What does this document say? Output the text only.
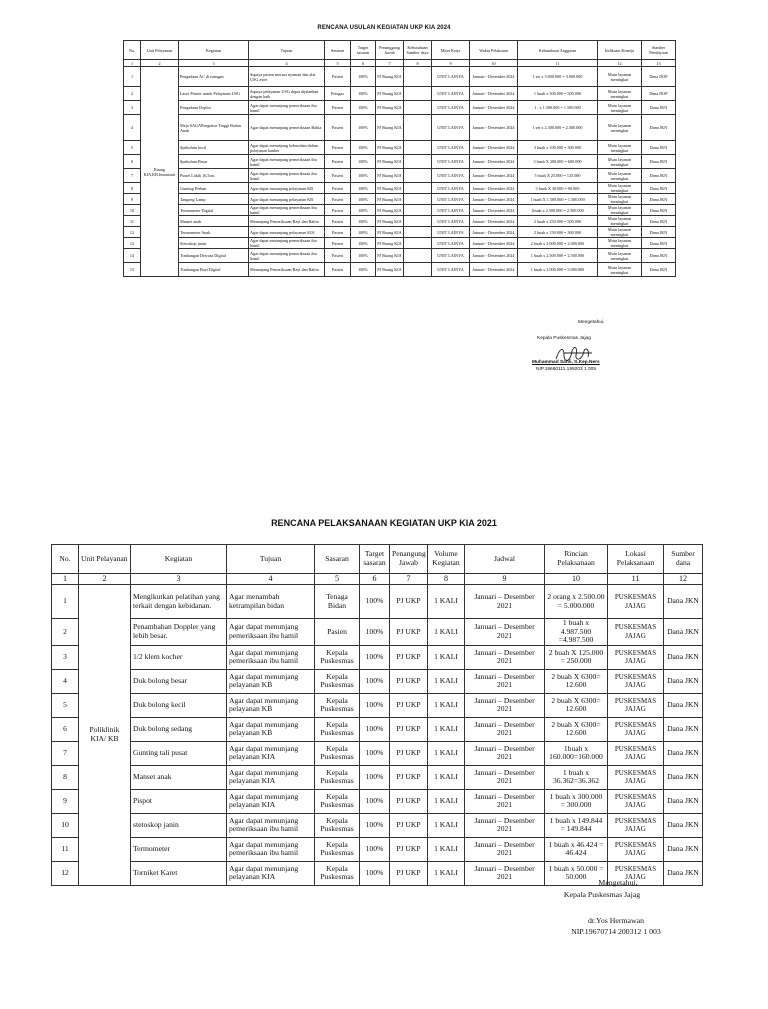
RENCANA USULAN KEGIATAN UKP KIA 2024
No.	Unit Pelayanan	Kegiatan	Tujuan	Sasaran	Target sasaran	Penanggung Jawab	Kebutuhaan Sumber daya	Mitra Kerja	Waktu Pelaksaan	Kebutuhaan Anggaran	Indikator Kinerja	Sumber Pembiyaan
1	2	3	4	5	6	7	8	9	10	11	12	13
1	Ruang KIA,KB,Imunisasi	Pengadaan AC di ruangan	Supaya pasien merasa nyaman dan alat USG awet	Pasien	100%	PJ Ruang KIA		UNIT LAINYA	Januari - Desember 2024	1 set x 3.000.000 = 3.000.000	Mutu layanan meningkat	Dana DOP
2		Laser Printer untuk Pelayanan USG	Supaya pelayanan USG dapat dijalankan dengan baik	Petugas	100%	PJ Ruang KIA		UNIT LAINYA	Januari - Desember 2024	1 buah x 500.000 = 500.000	Mutu layanan meningkat	Dana DOP
3		Pengadaan Doplor	Agar dapat menunjang pemeriksaan ibu hamil	Pasien	100%	PJ Ruang KIA		UNIT LAINYA	Januari - Desember 2024	1 . x 1.500.000 = 1.500.000	Mutu layanan meningkat	Dana JKN
4		Meja SAGAPengukur Tinggi Badan Anak	Agar dapat menunjang pemeriksaan Balita	Pasien	100%	PJ Ruang KIA		UNIT LAINYA	Januari - Desember 2024	1 set x 2.300.000 = 2.300.000	Mutu layanan meningkat	Dana JKN
5		Spekulum kecil	Agar dapat menunjang kebutuhan dalam pelayanan kanker	Pasien	100%	PJ Ruang KIA		UNIT LAINYA	Januari - Desember 2024	3 buah x 100.000 = 300.000	Mutu layanan meningkat	Dana JKN
6		Spekulum Besar	Agar dapat menunjang pemeriksaan ibu hamil	Pasien	100%	PJ Ruang KIA		UNIT LAINYA	Januari - Desember 2024	3 buah X 200.000 = 600.000	Mutu layanan meningkat	Dana JKN
7		Pinset Lidah 16,5cm	Agar dapat menunjang pemeriksaan ibu hamil	Pasien	100%	PJ Ruang KIA		UNIT LAINYA	Januari - Desember 2024	5 buah X 25.000 = 125.000	Mutu layanan meningkat	Dana JKN
8		Gunting Perban	Agar dapat menunjang pelayanan KB	Pasien	100%	PJ Ruang KIA		UNIT LAINYA	Januari - Desember 2024	3 buah X 30.000 = 90.000	Mutu layanan meningkat	Dana JKN
9		Tangong Lamp	Agar dapat menunjang pelayanan KB	Pasien	100%	PJ Ruang KIA		UNIT LAINYA	Januari - Desember 2024	1 buah X 1.500.000 = 1.500.000	Mutu layanan meningkat	Dana JKN
10		Termometer Digital	Agar dapat menunjang pemeriksaan ibu hamil	Pasien	100%	PJ Ruang KIA		UNIT LAINYA	Januari - Desember 2024	1buah x 2.500.000 = 2.500.000	Mutu layanan meningkat	Dana JKN
11		Manset anak	Menunjang Pemeriksaan Bayi dan Balita	Pasien	100%	PJ Ruang KIA		UNIT LAINYA	Januari - Desember 2024	2 buah x 250.000 = 500.000	Mutu layanan meningkat	Dana JKN
12		Termometer Anak	Agar dapat menunjang pelayanan KIA	Pasien	100%	PJ Ruang KIA		UNIT LAINYA	Januari - Desember 2024	2 buah x 150.000 = 300.000	Mutu layanan meningkat	Dana JKN
13		Stetoskop janin	Agar dapat menunjang pemeriksaan ibu hamil	Pasien	100%	PJ Ruang KIA		UNIT LAINYA	Januari - Desember 2024	2 buah x 2.000.000 = 2.000.000	Mutu layanan meningkat	Dana JKN
14		Timbangan Dewasa Digital	Agar dapat menunjang pemeriksaan ibu hamil	Pasien	100%	PJ Ruang KIA		UNIT LAINYA	Januari - Desember 2024	1 buah x 2.500.000 = 2.500.000	Mutu layanan meningkat	Dana JKN
15		Timbangan Bayi Digital	Menunjang Pemeriksaan Bayi dan Balita	Pasien	100%	PJ Ruang KIA		UNIT LAINYA	Januari - Desember 2024	1 buah x 3.000.000 = 3.000.000	Mutu layanan meningkat	Dana JKN
Mengetahui,
Kepala Puskesmas Jajag
Muhammad Sahli, S.Kep.Ners
NIP.19680111 199203 1 005
RENCANA PELAKSANAAN KEGIATAN UKP KIA 2021
No.	Unit Pelayanan	Kegiatan	Tujuan	Sasaran	Target sasaran	Penangung Jawab	Volume Kegiatan	Jadwal	Rincian Pelaksanaan	Lokasi Pelaksanaan	Sumber dana
1	2	3	4	5	6	7	8	9	10	11	12
1	Poliklinik KIA/ KB	Mengikutkan pelatihan yang terkait dengan kebidanan.	Agar menambah ketrampilan bidan	Tenaga Bidan	100%	PJ UKP	1 KALI	Januari – Desember 2021	2 orang x 2.500.00 = 5.000.000	PUSKESMAS JAJAG	Dana JKN
2		Penambahan Doppler yang lebih besar.	Agar dapat menunjang pemeriksaan ibu hamil	Pasien	100%	PJ UKP	1 KALI	Januari – Desember 2021	1 buah x 4.987.500 =4.987.500	PUSKESMAS JAJAG	Dana JKN
3		1/2 klem kocher	Agar dapat menunjang pemeriksaan ibu hamil	Kepala Puskesmas	100%	PJ UKP	1 KALI	Januari – Desember 2021	2 buah X 125.000 = 250.000	PUSKESMAS JAJAG	Dana JKN
4		Duk bolong besar	Agar dapat menunjang pelayanan KB	Kepala Puskesmas	100%	PJ UKP	1 KALI	Januari – Desember 2021	2 buah X 6300= 12.600	PUSKESMAS JAJAG	Dana JKN
5		Duk bolong kecil	Agar dapat menunjang pelayanan KB	Kepala Puskesmas	100%	PJ UKP	1 KALI	Januari – Desember 2021	2 buah X 6300= 12.600	PUSKESMAS JAJAG	Dana JKN
6		Duk bolong sedang	Agar dapat menunjang pelayanan KB	Kepala Puskesmas	100%	PJ UKP	1 KALI	Januari – Desember 2021	2 buah X 6300= 12.600	PUSKESMAS JAJAG	Dana JKN
7		Gunting tali pusat	Agar dapat menunjang pelayanan KIA	Kepala Puskesmas	100%	PJ UKP	1 KALI	Januari – Desember 2021	1buah x 160.000=160.000	PUSKESMAS JAJAG	Dana JKN
8		Manset anak	Agar dapat menunjang pelayanan KIA	Kepala Puskesmas	100%	PJ UKP	1 KALI	Januari – Desember 2021	1 buah x 36.362=36.362	PUSKESMAS JAJAG	Dana JKN
9		Pispot	Agar dapat menunjang pelayanan KIA	Kepala Puskesmas	100%	PJ UKP	1 KALI	Januari – Desember 2021	1 buah x 300.000 = 300.000	PUSKESMAS JAJAG	Dana JKN
10		stetoskop janin	Agar dapat menunjang pemeriksaan ibu hamil	Kepala Puskesmas	100%	PJ UKP	1 KALI	Januari – Desember 2021	1 buah x 149.844 = 149.844	PUSKESMAS JAJAG	Dana JKN
11		Termometer	Agar dapat menunjang pemeriksaan ibu hamil	Kepala Puskesmas	100%	PJ UKP	1 KALI	Januari – Desember 2021	1 buah x 46.424 = 46.424	PUSKESMAS JAJAG	Dana JKN
12		Torniket Karet	Agar dapat menunjang pelayanan KIA	Kepala Puskesmas	100%	PJ UKP	1 KALI	Januari – Desember 2021	1 buah x 50.000 = 50.000	PUSKESMAS JAJAG	Dana JKN
Mengetahui,
Kepala Puskesmas Jajag
dr.Yos Hermawan
NIP.19670714 200312 1 003
